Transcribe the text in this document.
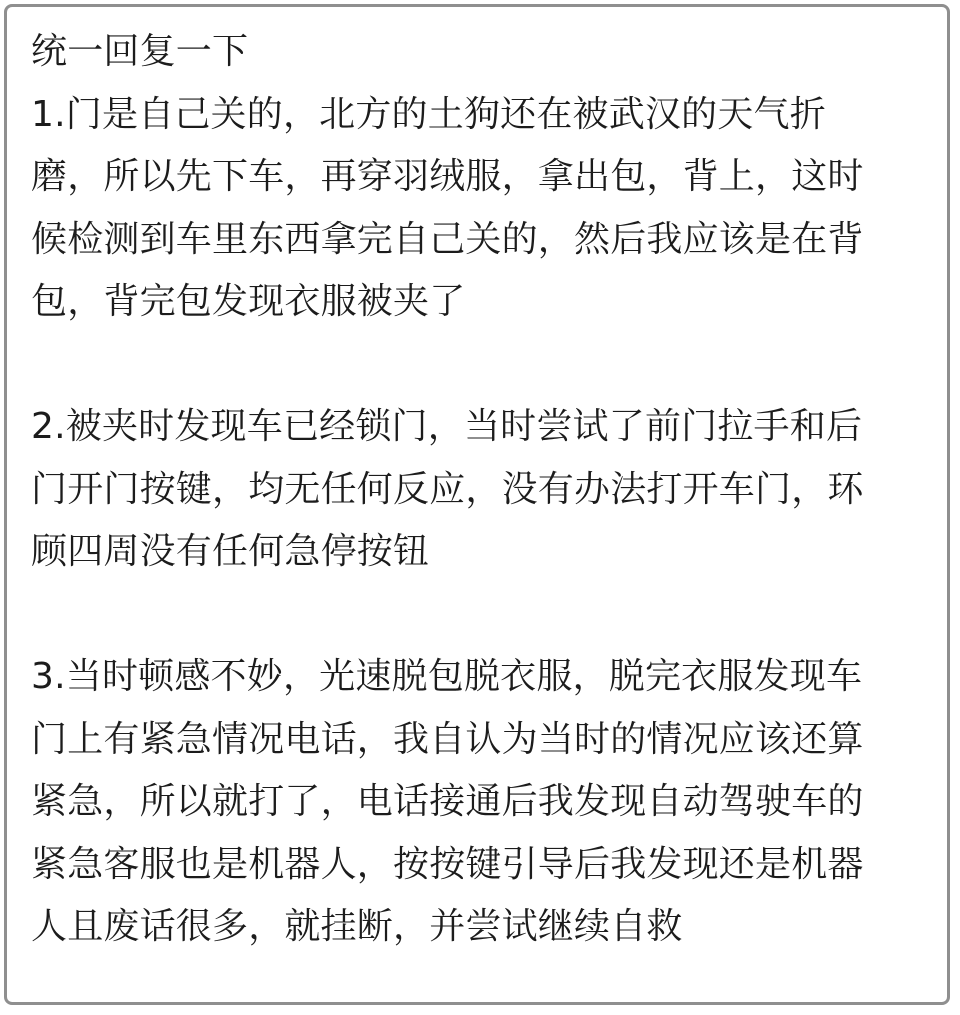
统一回复一下
1.门是自己关的，北方的土狗还在被武汉的天气折
磨，所以先下车，再穿羽绒服，拿出包，背上，这时
候检测到车里东西拿完自己关的，然后我应该是在背
包，背完包发现衣服被夹了
2.被夹时发现车已经锁门，当时尝试了前门拉手和后
门开门按键，均无任何反应，没有办法打开车门，环
顾四周没有任何急停按钮
3.当时顿感不妙，光速脱包脱衣服，脱完衣服发现车
门上有紧急情况电话，我自认为当时的情况应该还算
紧急，所以就打了，电话接通后我发现自动驾驶车的
紧急客服也是机器人，按按键引导后我发现还是机器
人且废话很多，就挂断，并尝试继续自救
